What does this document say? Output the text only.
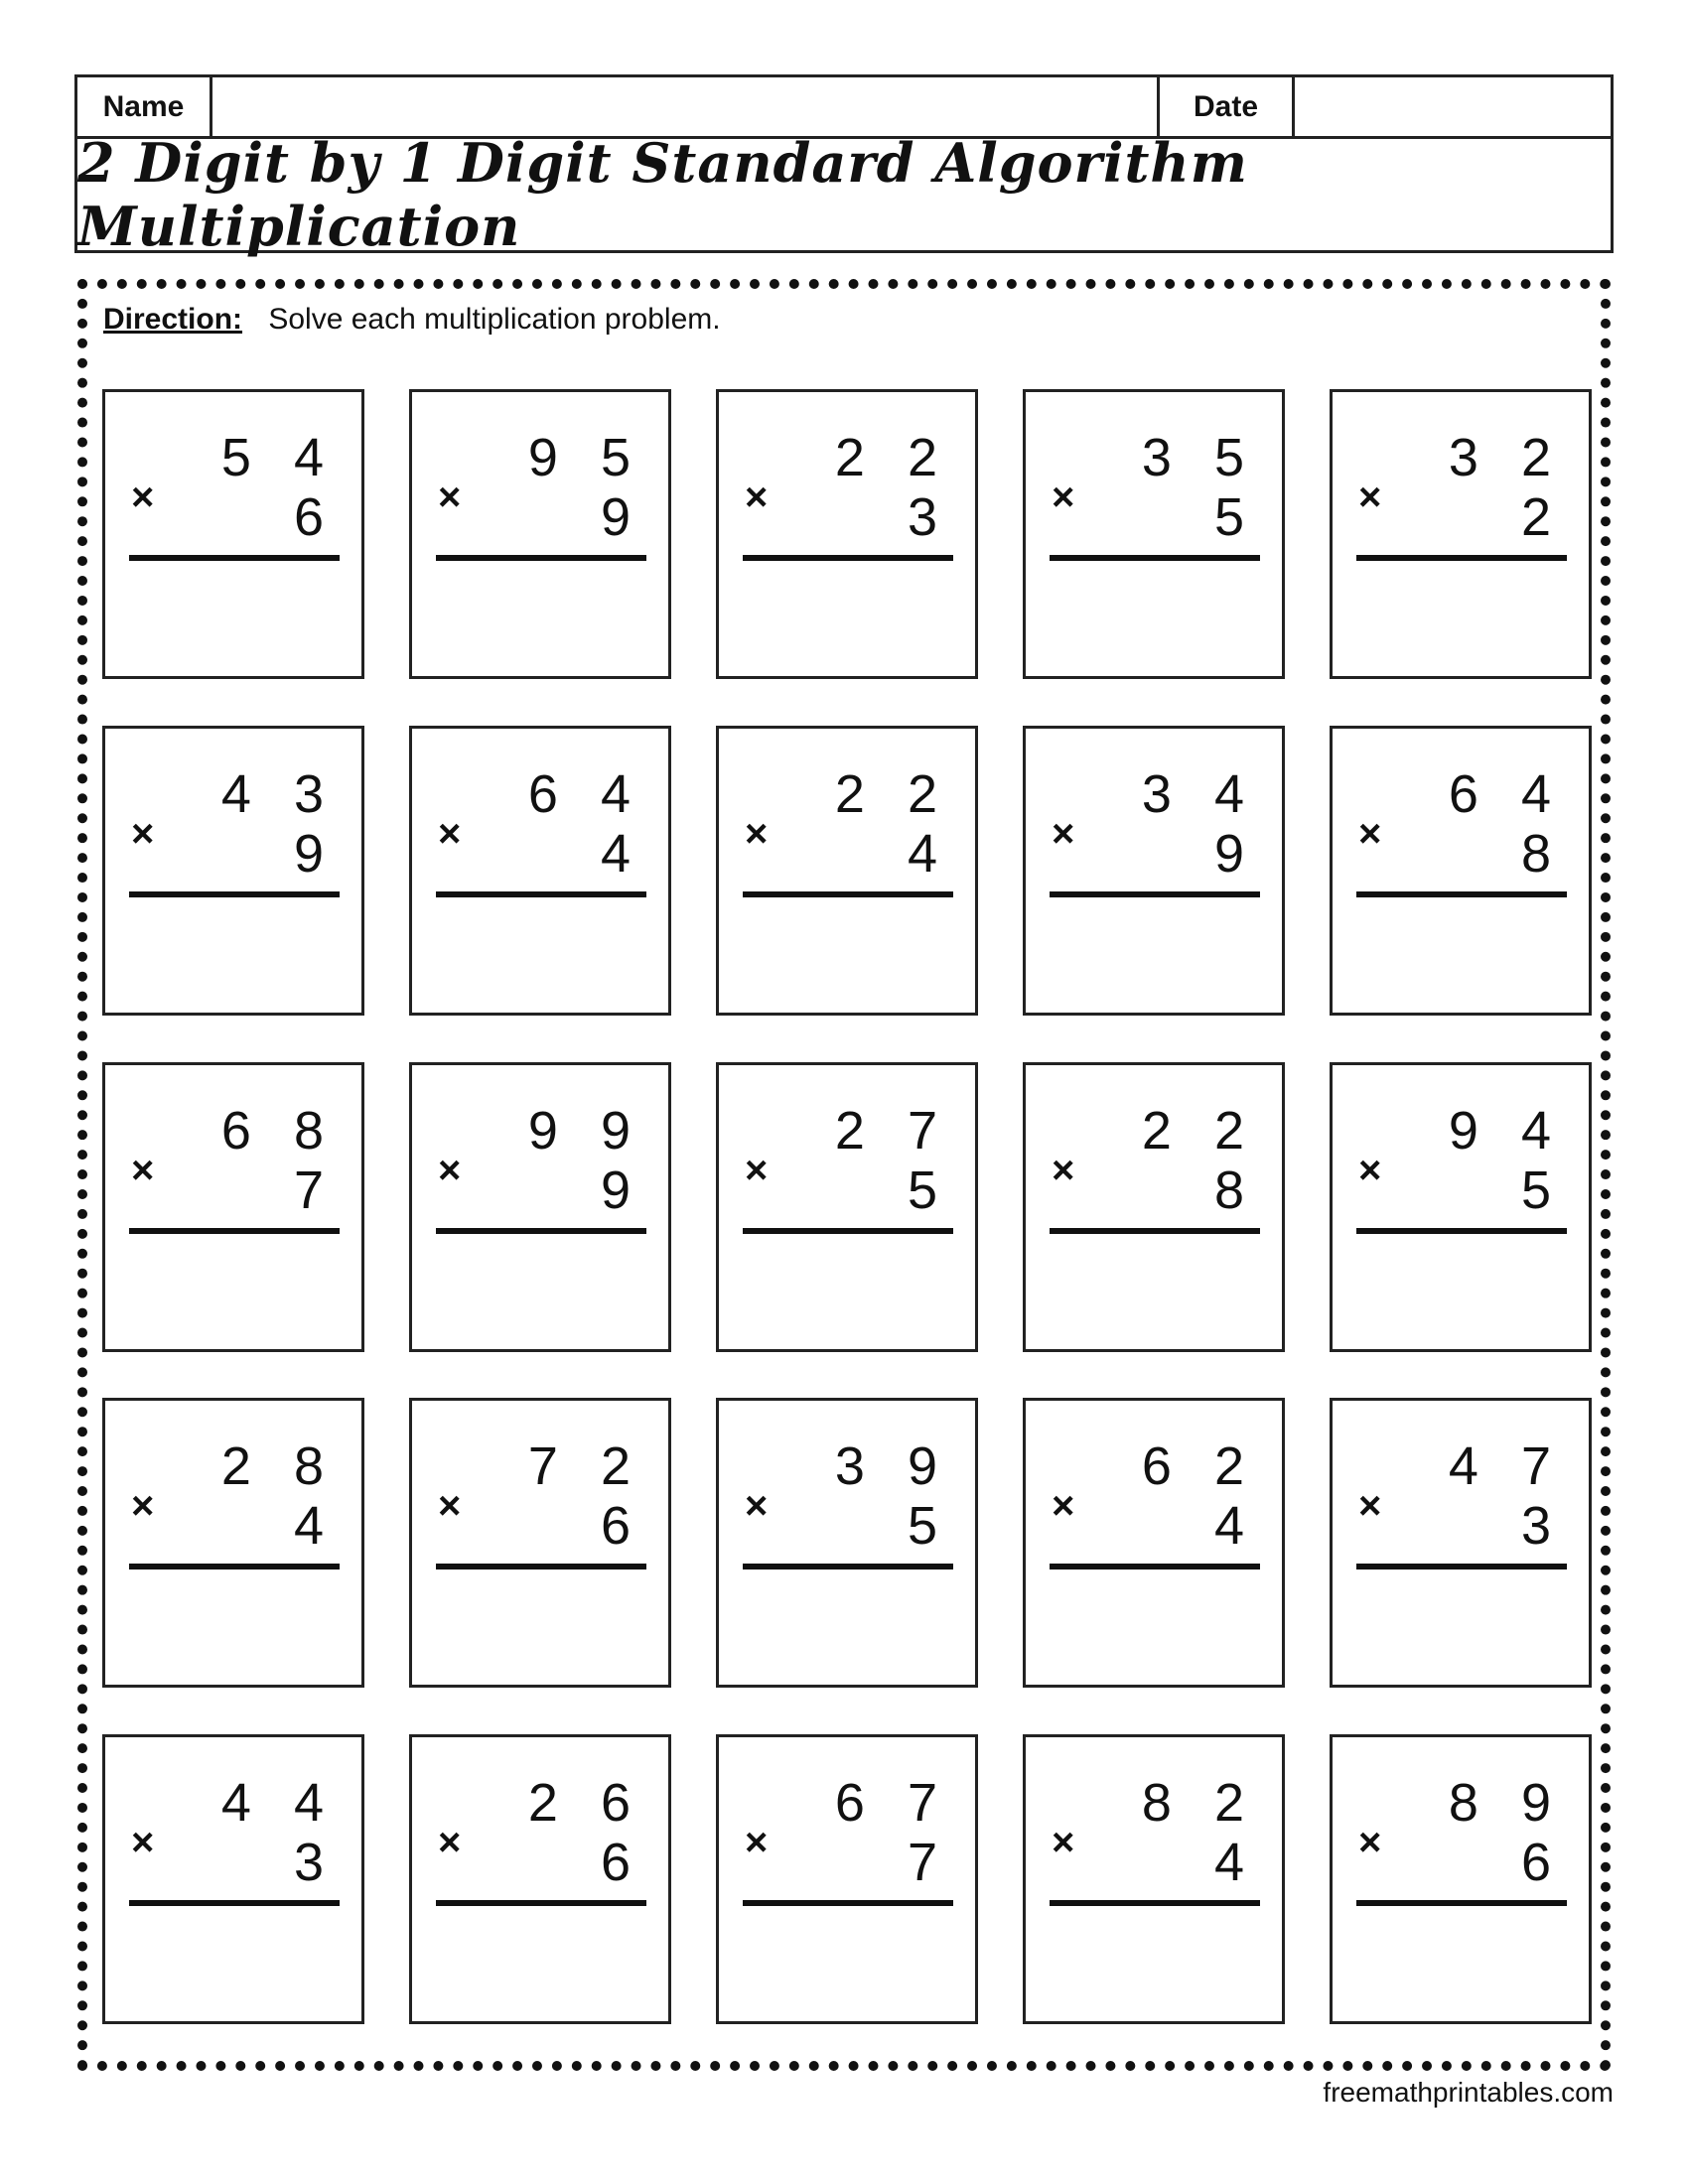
Name	Date
2 Digit by 1 Digit Standard Algorithm Multiplication
Direction: Solve each multiplication problem.
5 4
×	6
9 5
×	9
2 2
×	3
3 5
×	5
3 2
×	2
4 3
×	9
6 4
×	4
2 2
×	4
3 4
×	9
6 4
×	8
6 8
×	7
9 9
×	9
2 7
×	5
2 2
×	8
9 4
×	5
2 8
×	4
7 2
×	6
3 9
×	5
6 2
×	4
4 7
×	3
4 4
×	3
2 6
×	6
6 7
×	7
8 2
×	4
8 9
×	6
freemathprintables.com
